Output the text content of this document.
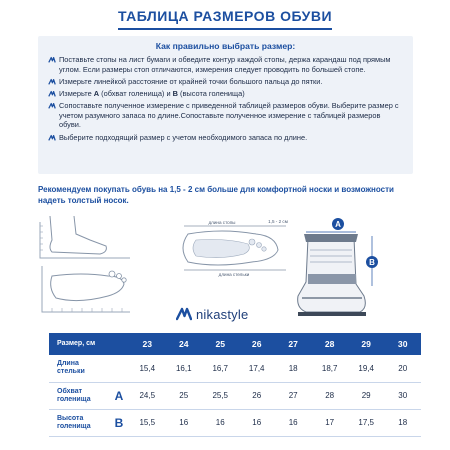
ТАБЛИЦА РАЗМЕРОВ ОБУВИ
Как правильно выбрать размер:
Поставьте стопы на лист бумаги и обведите контур каждой стопы, держа карандаш под прямым углом. Если размеры стоп отличаются, измерения следует проводить по большей стопе.
Измерьте линейкой расстояние от крайней точки большого пальца до пятки.
Измерьте A (обхват голенища) и B (высота голенища)
Сопоставьте полученное измерение с приведенной таблицей размеров обуви. Выберите размер с учетом разумного запаса по длине.Сопоставьте полученное измерение с таблицей размеров обуви.
Выберите подходящий размер с учетом необходимого запаса по длине.
Рекомендуем покупать обувь на 1,5 - 2 см больше для комфортной носки и возможности надеть толстый носок.
длина стопы	1,5 - 2 см
длина стельки
A
B
nikastyle
Размер, см		23	24	25	26	27	28	29	30
Длина
стельки		15,4	16,1	16,7	17,4	18	18,7	19,4	20
Обхват
голенища	A	24,5	25	25,5	26	27	28	29	30
Высота
голенища	B	15,5	16	16	16	16	17	17,5	18
